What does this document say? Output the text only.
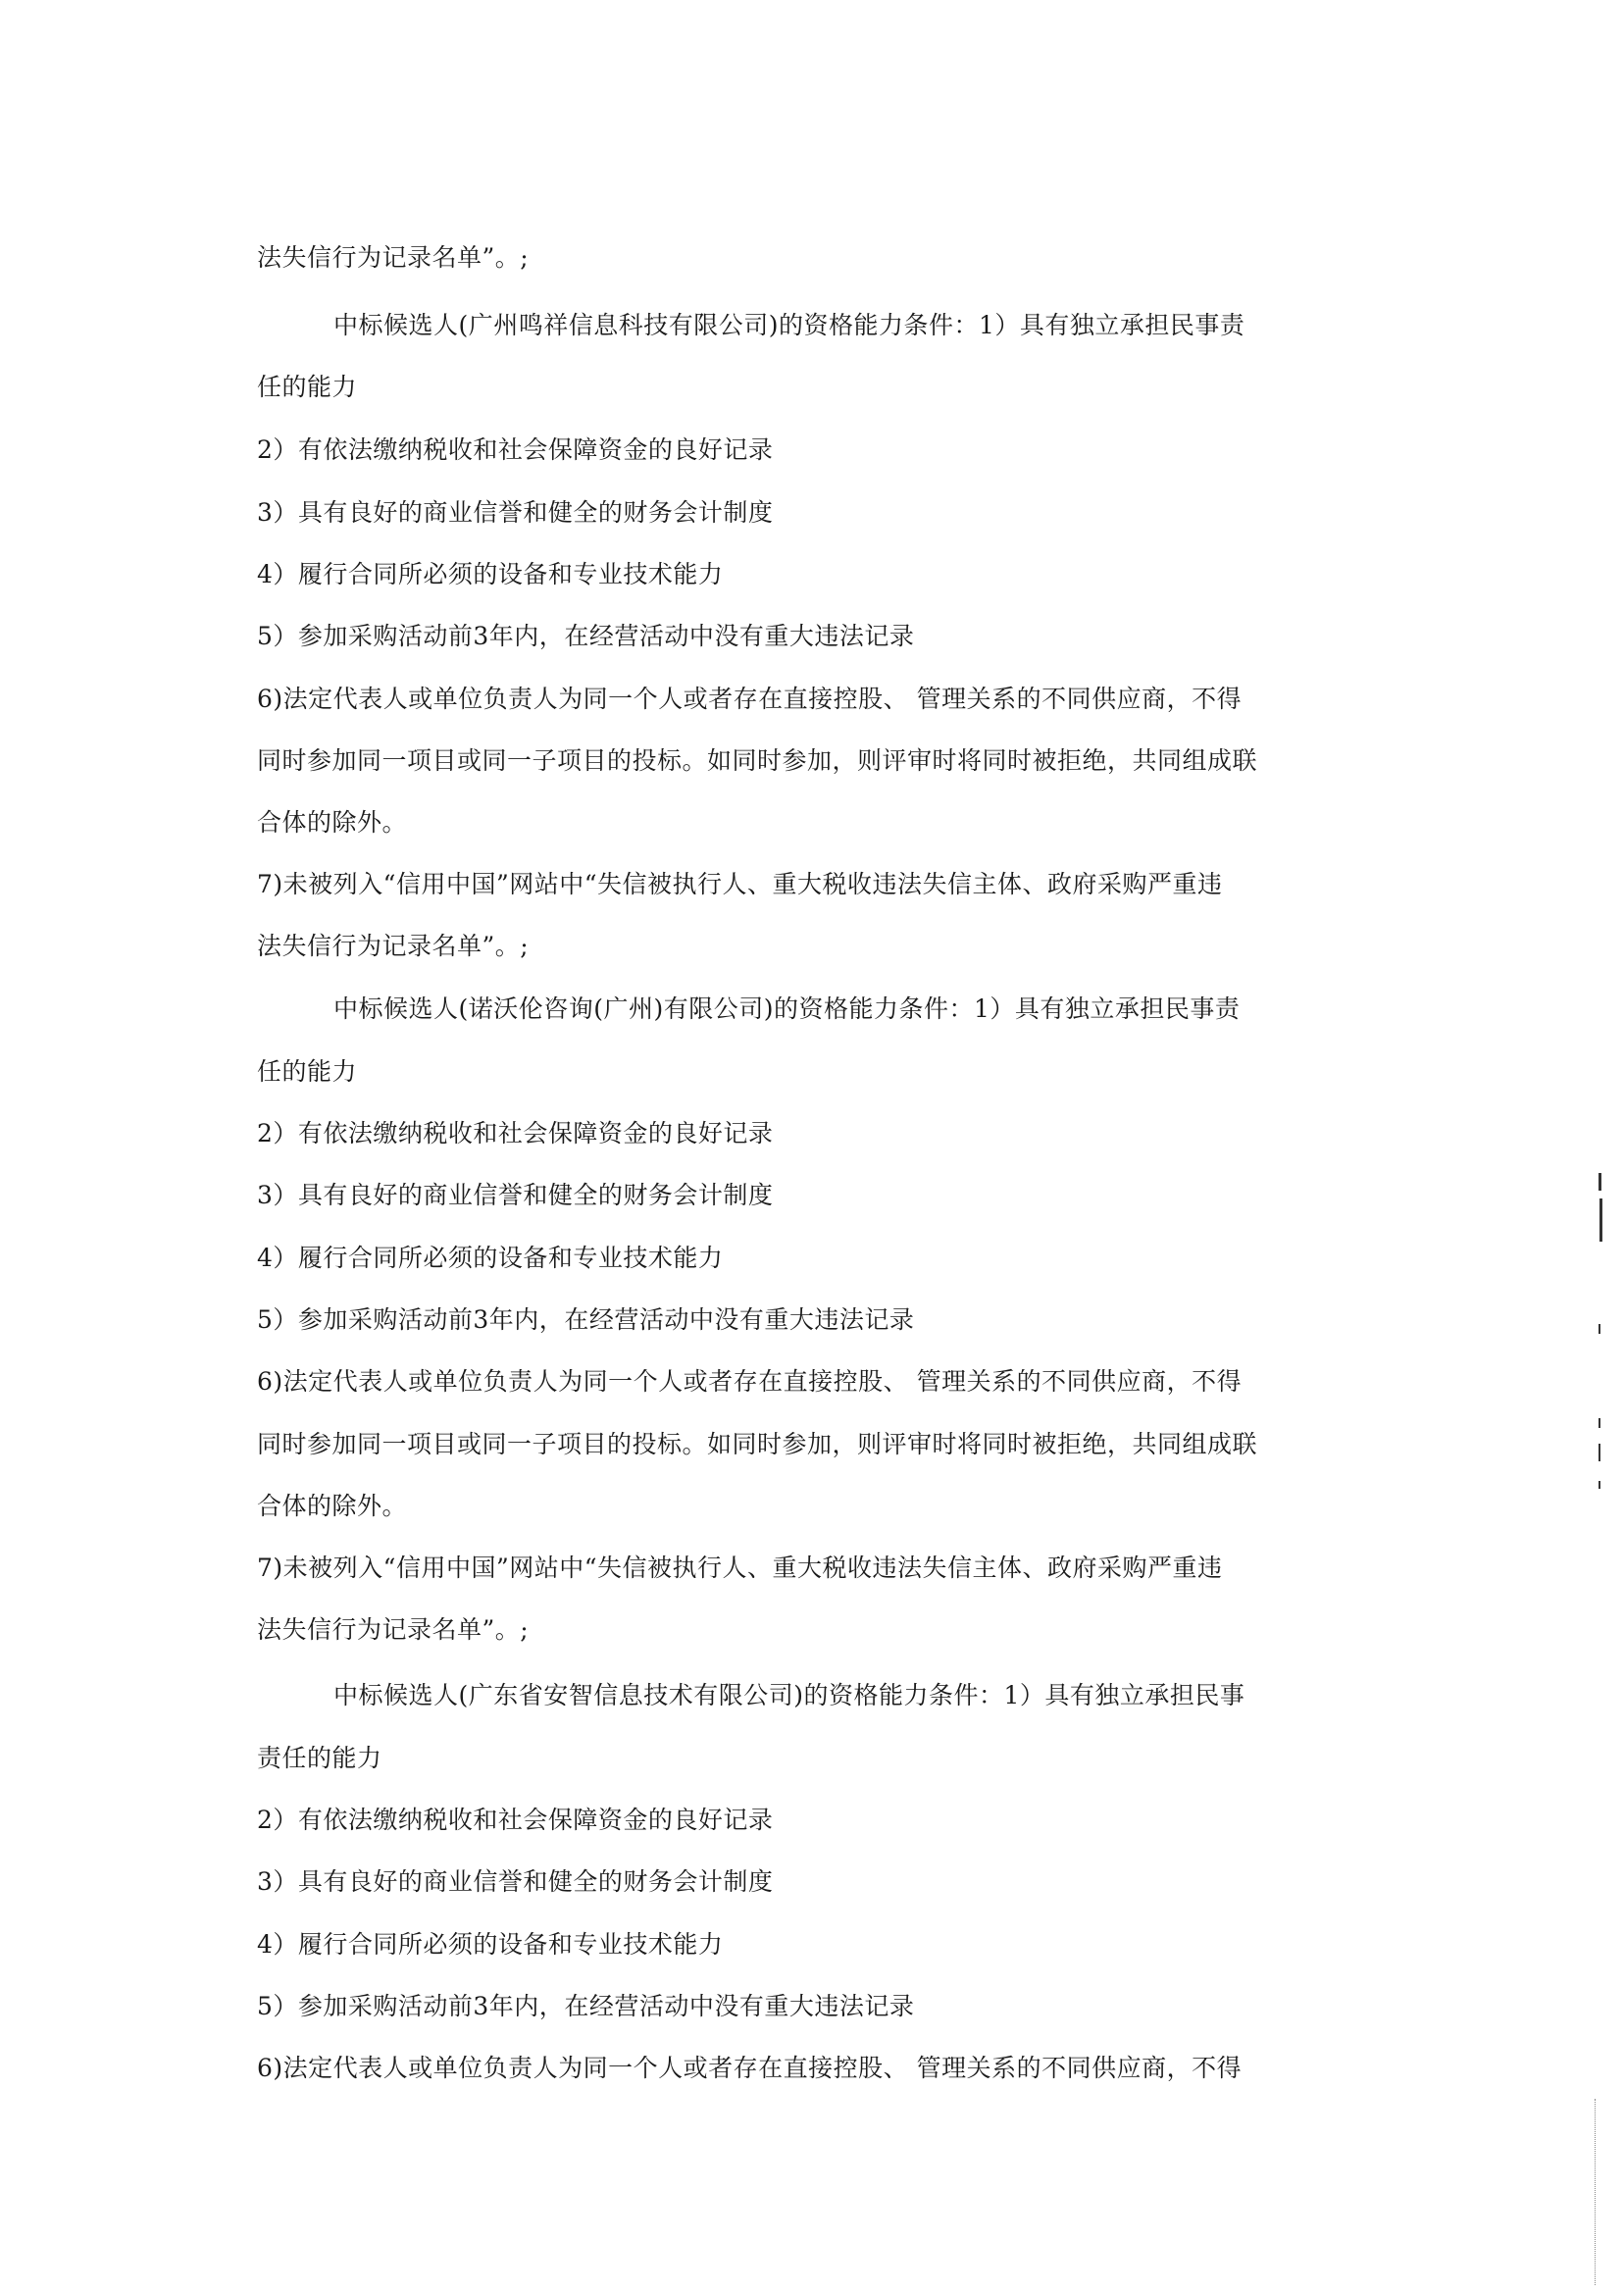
法失信行为记录名单”。;
中标候选人(广州鸣祥信息科技有限公司)的资格能力条件：1）具有独立承担民事责
任的能力
2）有依法缴纳税收和社会保障资金的良好记录
3）具有良好的商业信誉和健全的财务会计制度
4）履行合同所必须的设备和专业技术能力
5）参加采购活动前3年内，在经营活动中没有重大违法记录
6)法定代表人或单位负责人为同一个人或者存在直接控股、 管理关系的不同供应商，不得
同时参加同一项目或同一子项目的投标。如同时参加，则评审时将同时被拒绝，共同组成联
合体的除外。
7)未被列入“信用中国”网站中“失信被执行人、重大税收违法失信主体、政府采购严重违
法失信行为记录名单”。;
中标候选人(诺沃伦咨询(广州)有限公司)的资格能力条件：1）具有独立承担民事责
任的能力
2）有依法缴纳税收和社会保障资金的良好记录
3）具有良好的商业信誉和健全的财务会计制度
4）履行合同所必须的设备和专业技术能力
5）参加采购活动前3年内，在经营活动中没有重大违法记录
6)法定代表人或单位负责人为同一个人或者存在直接控股、 管理关系的不同供应商，不得
同时参加同一项目或同一子项目的投标。如同时参加，则评审时将同时被拒绝，共同组成联
合体的除外。
7)未被列入“信用中国”网站中“失信被执行人、重大税收违法失信主体、政府采购严重违
法失信行为记录名单”。;
中标候选人(广东省安智信息技术有限公司)的资格能力条件：1）具有独立承担民事
责任的能力
2）有依法缴纳税收和社会保障资金的良好记录
3）具有良好的商业信誉和健全的财务会计制度
4）履行合同所必须的设备和专业技术能力
5）参加采购活动前3年内，在经营活动中没有重大违法记录
6)法定代表人或单位负责人为同一个人或者存在直接控股、 管理关系的不同供应商，不得
